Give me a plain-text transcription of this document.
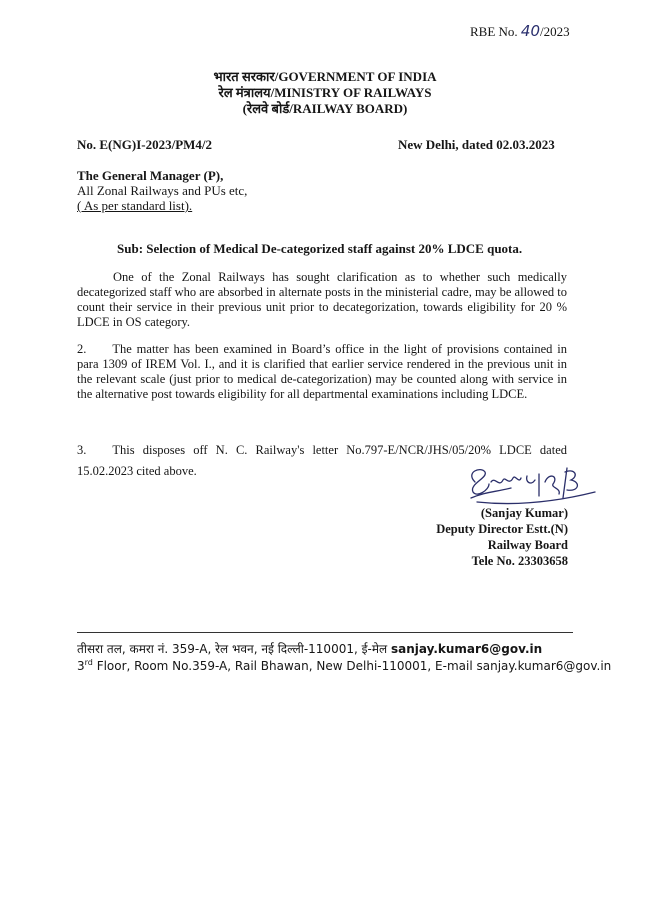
RBE No. 40/2023
भारत सरकार/GOVERNMENT OF INDIA
रेल मंत्रालय/MINISTRY OF RAILWAYS
(रेलवे बोर्ड/RAILWAY BOARD)
No. E(NG)I-2023/PM4/2	New Delhi, dated 02.03.2023
The General Manager (P),
All Zonal Railways and PUs etc,
( As per standard list).
Sub: Selection of Medical De-categorized staff against 20% LDCE quota.
One of the Zonal Railways has sought clarification as to whether such medically decategorized staff who are absorbed in alternate posts in the ministerial cadre, may be allowed to count their service in their previous unit prior to decategorization, towards eligibility for 20 % LDCE in OS category.
2. The matter has been examined in Board’s office in the light of provisions contained in para 1309 of IREM Vol. I., and it is clarified that earlier service rendered in the previous unit in the relevant scale (just prior to medical de-categorization) may be counted along with service in the alternative post towards eligibility for all departmental examinations including LDCE.
3. This disposes off N. C. Railway's letter No.797-E/NCR/JHS/05/20% LDCE dated 15.02.2023 cited above.
(Sanjay Kumar)
Deputy Director Estt.(N)
Railway Board
Tele No. 23303658
तीसरा तल, कमरा नं. 359-A, रेल भवन, नई दिल्ली-110001, ई-मेल sanjay.kumar6@gov.in
3rd Floor, Room No.359-A, Rail Bhawan, New Delhi-110001, E-mail sanjay.kumar6@gov.in
